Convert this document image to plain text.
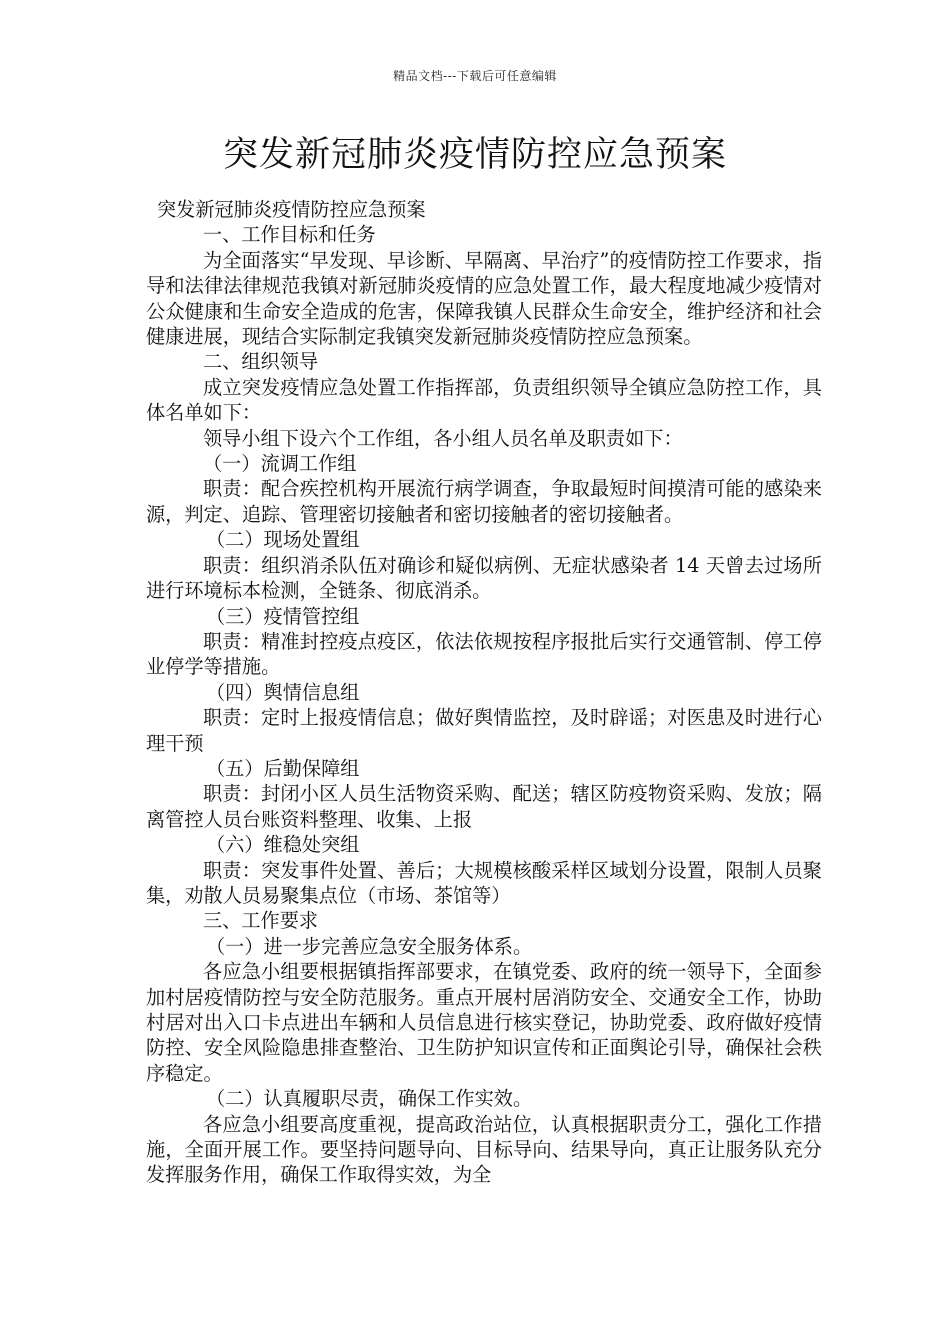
精品文档---下载后可任意编辑
突发新冠肺炎疫情防控应急预案

突发新冠肺炎疫情防控应急预案

一、工作目标和任务

为全面落实“早发现、早诊断、早隔离、早治疗”的疫情防控工作要求，指导和法律法律规范我镇对新冠肺炎疫情的应急处置工作，最大程度地减少疫情对公众健康和生命安全造成的危害，保障我镇人民群众生命安全，维护经济和社会健康进展，现结合实际制定我镇突发新冠肺炎疫情防控应急预案。

二、组织领导

成立突发疫情应急处置工作指挥部，负责组织领导全镇应急防控工作，具体名单如下：

领导小组下设六个工作组，各小组人员名单及职责如下：

（一）流调工作组

职责：配合疾控机构开展流行病学调查，争取最短时间摸清可能的感染来源，判定、追踪、管理密切接触者和密切接触者的密切接触者。

（二）现场处置组

职责：组织消杀队伍对确诊和疑似病例、无症状感染者 14 天曾去过场所进行环境标本检测，全链条、彻底消杀。

（三）疫情管控组

职责：精准封控疫点疫区，依法依规按程序报批后实行交通管制、停工停业停学等措施。

（四）舆情信息组

职责：定时上报疫情信息；做好舆情监控，及时辟谣；对医患及时进行心理干预

（五）后勤保障组

职责：封闭小区人员生活物资采购、配送；辖区防疫物资采购、发放；隔离管控人员台账资料整理、收集、上报

（六）维稳处突组

职责：突发事件处置、善后；大规模核酸采样区域划分设置，限制人员聚集，劝散人员易聚集点位（市场、茶馆等）

三、工作要求

（一）进一步完善应急安全服务体系。

各应急小组要根据镇指挥部要求，在镇党委、政府的统一领导下，全面参加村居疫情防控与安全防范服务。重点开展村居消防安全、交通安全工作，协助村居对出入口卡点进出车辆和人员信息进行核实登记，协助党委、政府做好疫情防控、安全风险隐患排查整治、卫生防护知识宣传和正面舆论引导，确保社会秩序稳定。

（二）认真履职尽责，确保工作实效。

各应急小组要高度重视，提高政治站位，认真根据职责分工，强化工作措施，全面开展工作。要坚持问题导向、目标导向、结果导向，真正让服务队充分发挥服务作用，确保工作取得实效，为全
